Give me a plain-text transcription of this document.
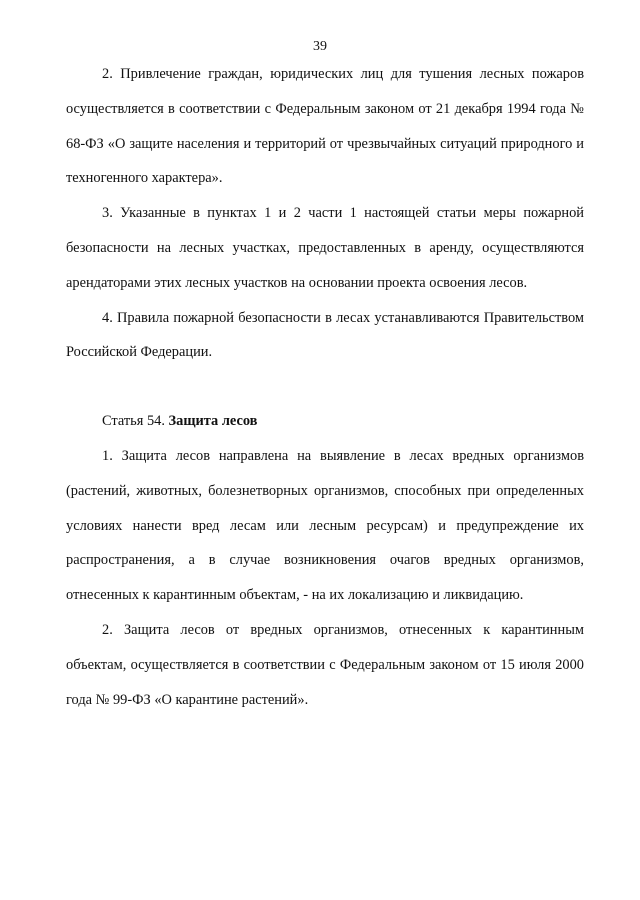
39

2. Привлечение граждан, юридических лиц для тушения лесных пожаров осуществляется в соответствии с Федеральным законом от 21 декабря 1994 года № 68-ФЗ «О защите населения и территорий от чрезвычайных ситуаций природного и техногенного характера».

3. Указанные в пунктах 1 и 2 части 1 настоящей статьи меры пожарной безопасности на лесных участках, предоставленных в аренду, осуществляются арендаторами этих лесных участков на основании проекта освоения лесов.

4. Правила пожарной безопасности в лесах устанавливаются Правительством Российской Федерации.

Статья 54. Защита лесов

1. Защита лесов направлена на выявление в лесах вредных организмов (растений, животных, болезнетворных организмов, способных при определенных условиях нанести вред лесам или лесным ресурсам) и предупреждение их распространения, а в случае возникновения очагов вредных организмов, отнесенных к карантинным объектам, - на их локализацию и ликвидацию.

2. Защита лесов от вредных организмов, отнесенных к карантинным объектам, осуществляется в соответствии с Федеральным законом от 15 июля 2000 года № 99-ФЗ «О карантине растений».
